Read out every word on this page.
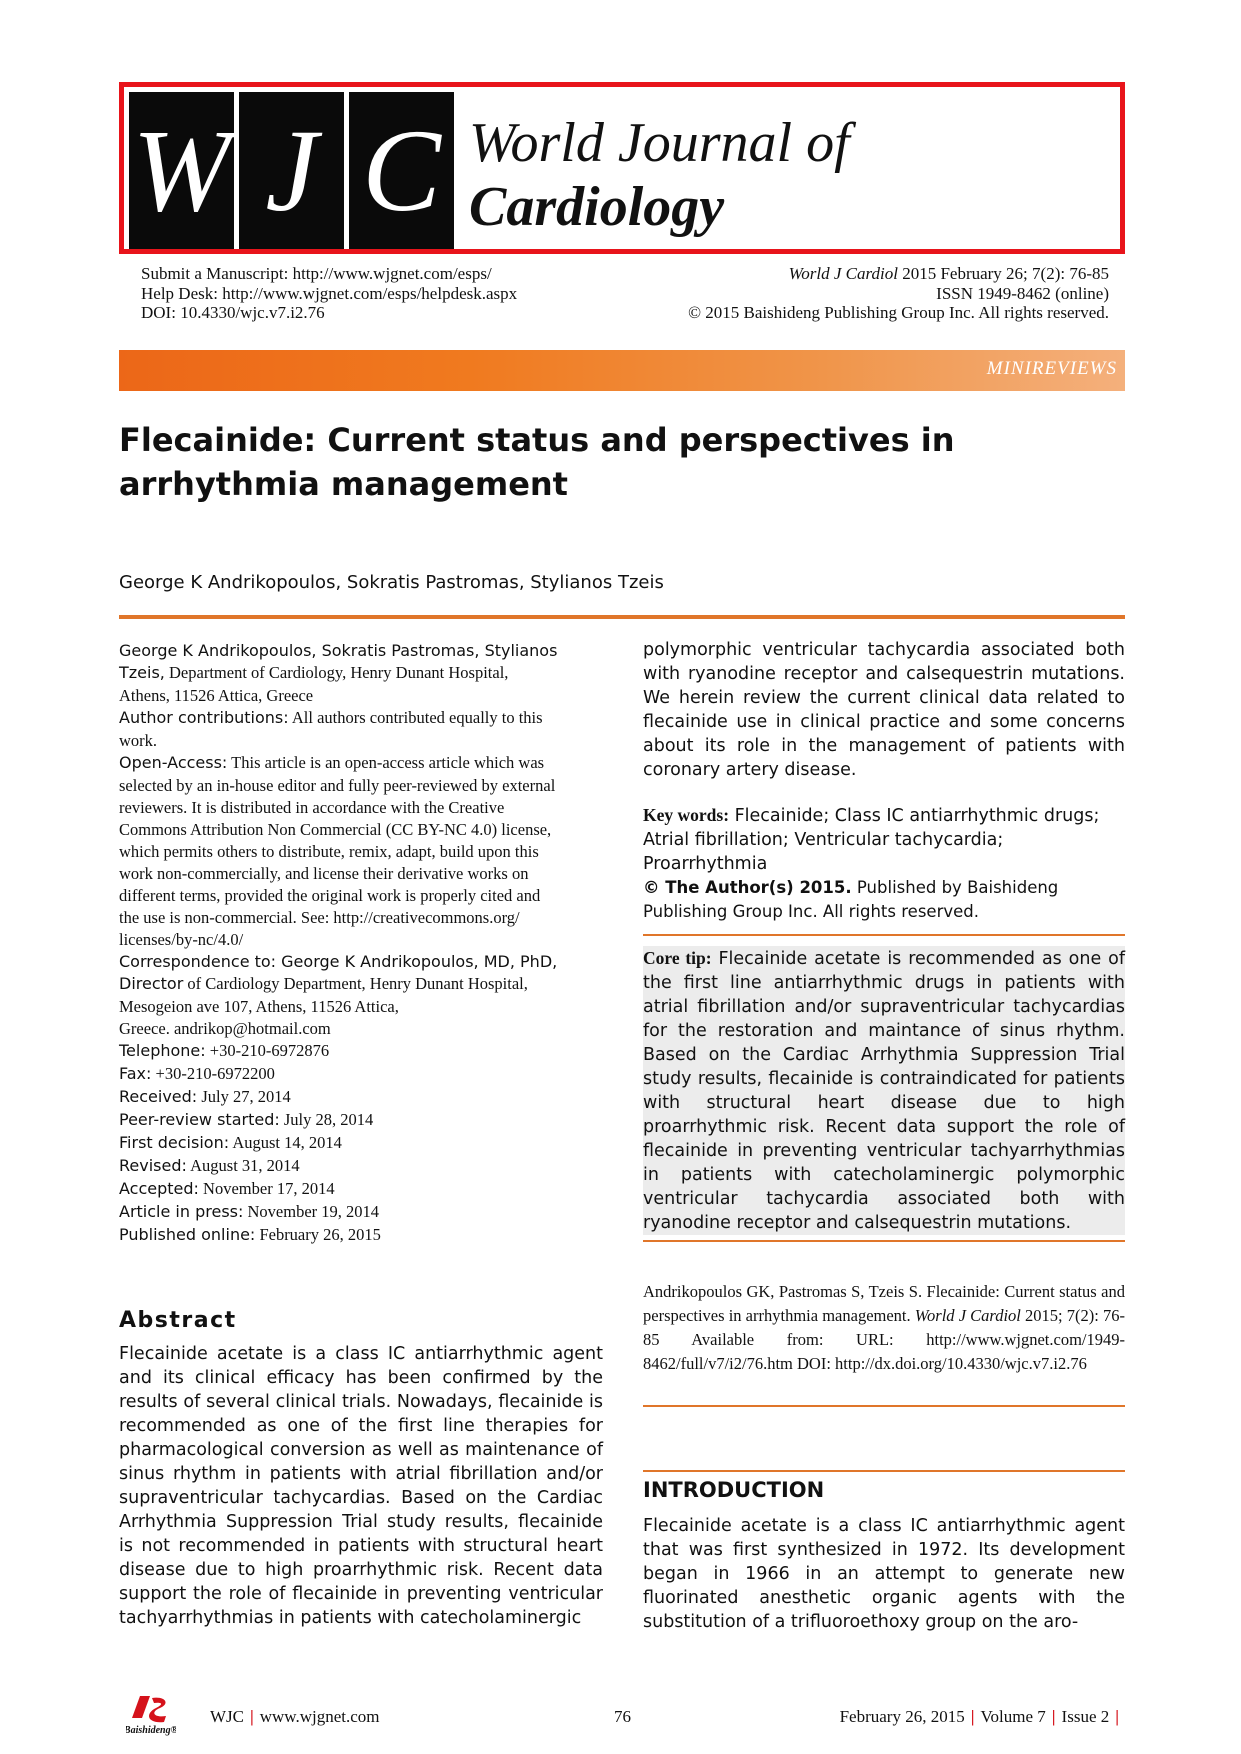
W J C World Journal of
Cardiology
Submit a Manuscript: http://www.wjgnet.com/esps/
Help Desk: http://www.wjgnet.com/esps/helpdesk.aspx
DOI: 10.4330/wjc.v7.i2.76
World J Cardiol 2015 February 26; 7(2): 76-85
ISSN 1949-8462 (online)
© 2015 Baishideng Publishing Group Inc. All rights reserved.
MINIREVIEWS
Flecainide: Current status and perspectives in arrhythmia management
George K Andrikopoulos, Sokratis Pastromas, Stylianos Tzeis
George K Andrikopoulos, Sokratis Pastromas, Stylianos
Tzeis, Department of Cardiology, Henry Dunant Hospital,
Athens, 11526 Attica, Greece
Author contributions: All authors contributed equally to this
work.
Open-Access: This article is an open-access article which was
selected by an in-house editor and fully peer-reviewed by external
reviewers. It is distributed in accordance with the Creative
Commons Attribution Non Commercial (CC BY-NC 4.0) license,
which permits others to distribute, remix, adapt, build upon this
work non-commercially, and license their derivative works on
different terms, provided the original work is properly cited and
the use is non-commercial. See: http://creativecommons.org/
licenses/by-nc/4.0/
Correspondence to: George K Andrikopoulos, MD, PhD,
Director of Cardiology Department, Henry Dunant Hospital,
Mesogeion ave 107, Athens, 11526 Attica,
Greece. andrikop@hotmail.com
Telephone: +30-210-6972876
Fax: +30-210-6972200
Received: July 27, 2014
Peer-review started: July 28, 2014
First decision: August 14, 2014
Revised: August 31, 2014
Accepted: November 17, 2014
Article in press: November 19, 2014
Published online: February 26, 2015
Abstract
Flecainide acetate is a class IC antiarrhythmic agent and its clinical efficacy has been confirmed by the results of several clinical trials. Nowadays, flecainide is recommended as one of the first line therapies for pharmacological conversion as well as maintenance of sinus rhythm in patients with atrial fibrillation and/or supraventricular tachycardias. Based on the Cardiac Arrhythmia Suppression Trial study results, flecainide is not recommended in patients with structural heart disease due to high proarrhythmic risk. Recent data support the role of flecainide in preventing ventricular tachyarrhythmias in patients with catecholaminergic
polymorphic ventricular tachycardia associated both with ryanodine receptor and calsequestrin mutations. We herein review the current clinical data related to flecainide use in clinical practice and some concerns about its role in the management of patients with coronary artery disease.
Key words: Flecainide; Class IC antiarrhythmic drugs; Atrial fibrillation; Ventricular tachycardia; Proarrhythmia
© The Author(s) 2015. Published by Baishideng Publishing Group Inc. All rights reserved.
Core tip: Flecainide acetate is recommended as one of the first line antiarrhythmic drugs in patients with atrial fibrillation and/or supraventricular tachycardias for the restoration and maintance of sinus rhythm. Based on the Cardiac Arrhythmia Suppression Trial study results, flecainide is contraindicated for patients with structural heart disease due to high proarrhythmic risk. Recent data support the role of flecainide in preventing ventricular tachyarrhythmias in patients with catecholaminergic polymorphic ventricular tachycardia associated both with ryanodine receptor and calsequestrin mutations.
Andrikopoulos GK, Pastromas S, Tzeis S. Flecainide: Current status and perspectives in arrhythmia management. World J Cardiol 2015; 7(2): 76-85 Available from: URL: http://www.wjgnet.com/1949-8462/full/v7/i2/76.htm DOI: http://dx.doi.org/10.4330/wjc.v7.i2.76
INTRODUCTION
Flecainide acetate is a class IC antiarrhythmic agent that was first synthesized in 1972. Its development began in 1966 in an attempt to generate new fluorinated anesthetic organic agents with the substitution of a trifluoroethoxy group on the aro-
Baishideng®
WJC | www.wjgnet.com	76	February 26, 2015 | Volume 7 | Issue 2 |
